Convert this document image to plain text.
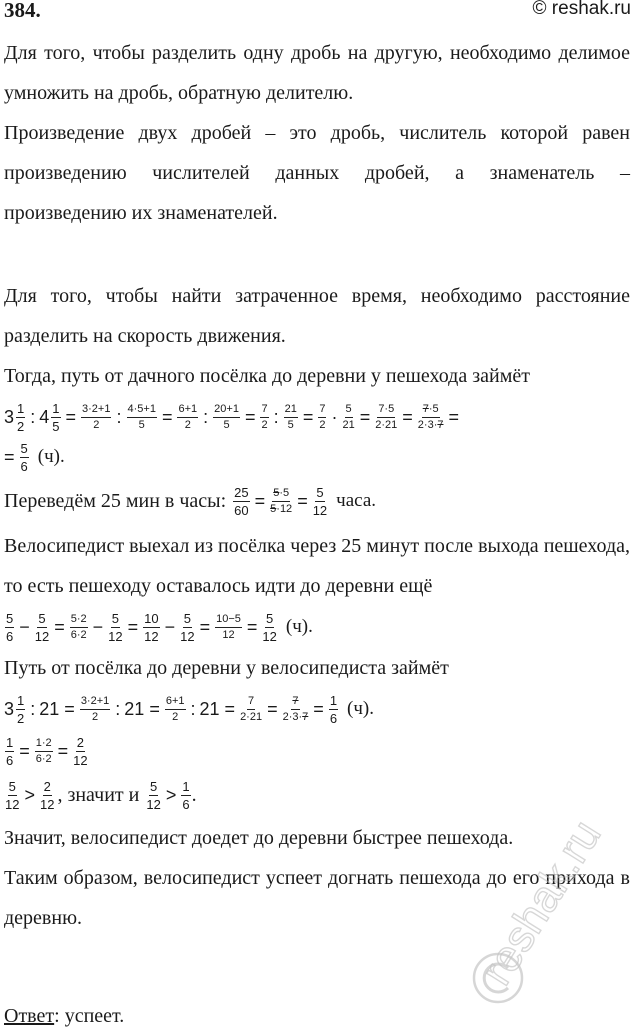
384.	© reshak.ru

Для того, чтобы разделить одну дробь на другую, необходимо делимое умножить на дробь, обратную делителю.

Произведение двух дробей – это дробь, числитель которой равен произведению числителей данных дробей, а знаменатель – произведению их знаменателей.

Для того, чтобы найти затраченное время, необходимо расстояние разделить на скорость движения.

Тогда, путь от дачного посёлка до деревни у пешехода займёт

3 1
2 : $4 \frac{1}{5} = \frac{3\cdot 2+1}{2}$ : $\frac{4\cdot 5+1}{5} = \frac{6+1}{2}$ : $\frac{20+1}{5} = \frac{7}{2}$ : $\frac{21}{5} = \frac{7}{2} \cdot \frac{5}{21} = \frac{7\cdot 5}{2\cdot 21} = \frac{7\cdot 5}{2\cdot 3\cdot 7}$ =
= $\frac{5}{6} (ч)$.
Переведём 25 мин в часы: $\frac{25}{60} = \frac{5\cdot 5}{5\cdot 12} = \frac{5}{12}$ часа.

Велосипедист выехал из посёлка через 25 минут после выхода пешехода, то есть пешеходу оставалось идти до деревни ещё

5
$6 - \frac{5}{12} = \frac{5\cdot 2}{6\cdot 2} - \frac{5}{12} = \frac{10}{12} - \frac{5}{12} = \frac{10-5}{12} = \frac{5}{12} (ч)$.

Путь от посёлка до деревни у велосипедиста займёт

3 1
2 : $21 = \frac{3\cdot 2+1}{2}$ : $21 = \frac{6+1}{2}$ : $21 = \frac{7}{2\cdot 21} = \frac{7}{2\cdot 3\cdot 7} = \frac{1}{6} (ч)$.
$\frac{1}{6} = \frac{1\cdot 2}{6\cdot 2} = \frac{2}{12}$
5
12 > 2
12 , значит и 5
12 > 1
6 .

Значит, велосипедист доедет до деревни быстрее пешехода.

Таким образом, велосипедист успеет догнать пешехода до его прихода в деревню.

Ответ: успеет.
reshak.ru
